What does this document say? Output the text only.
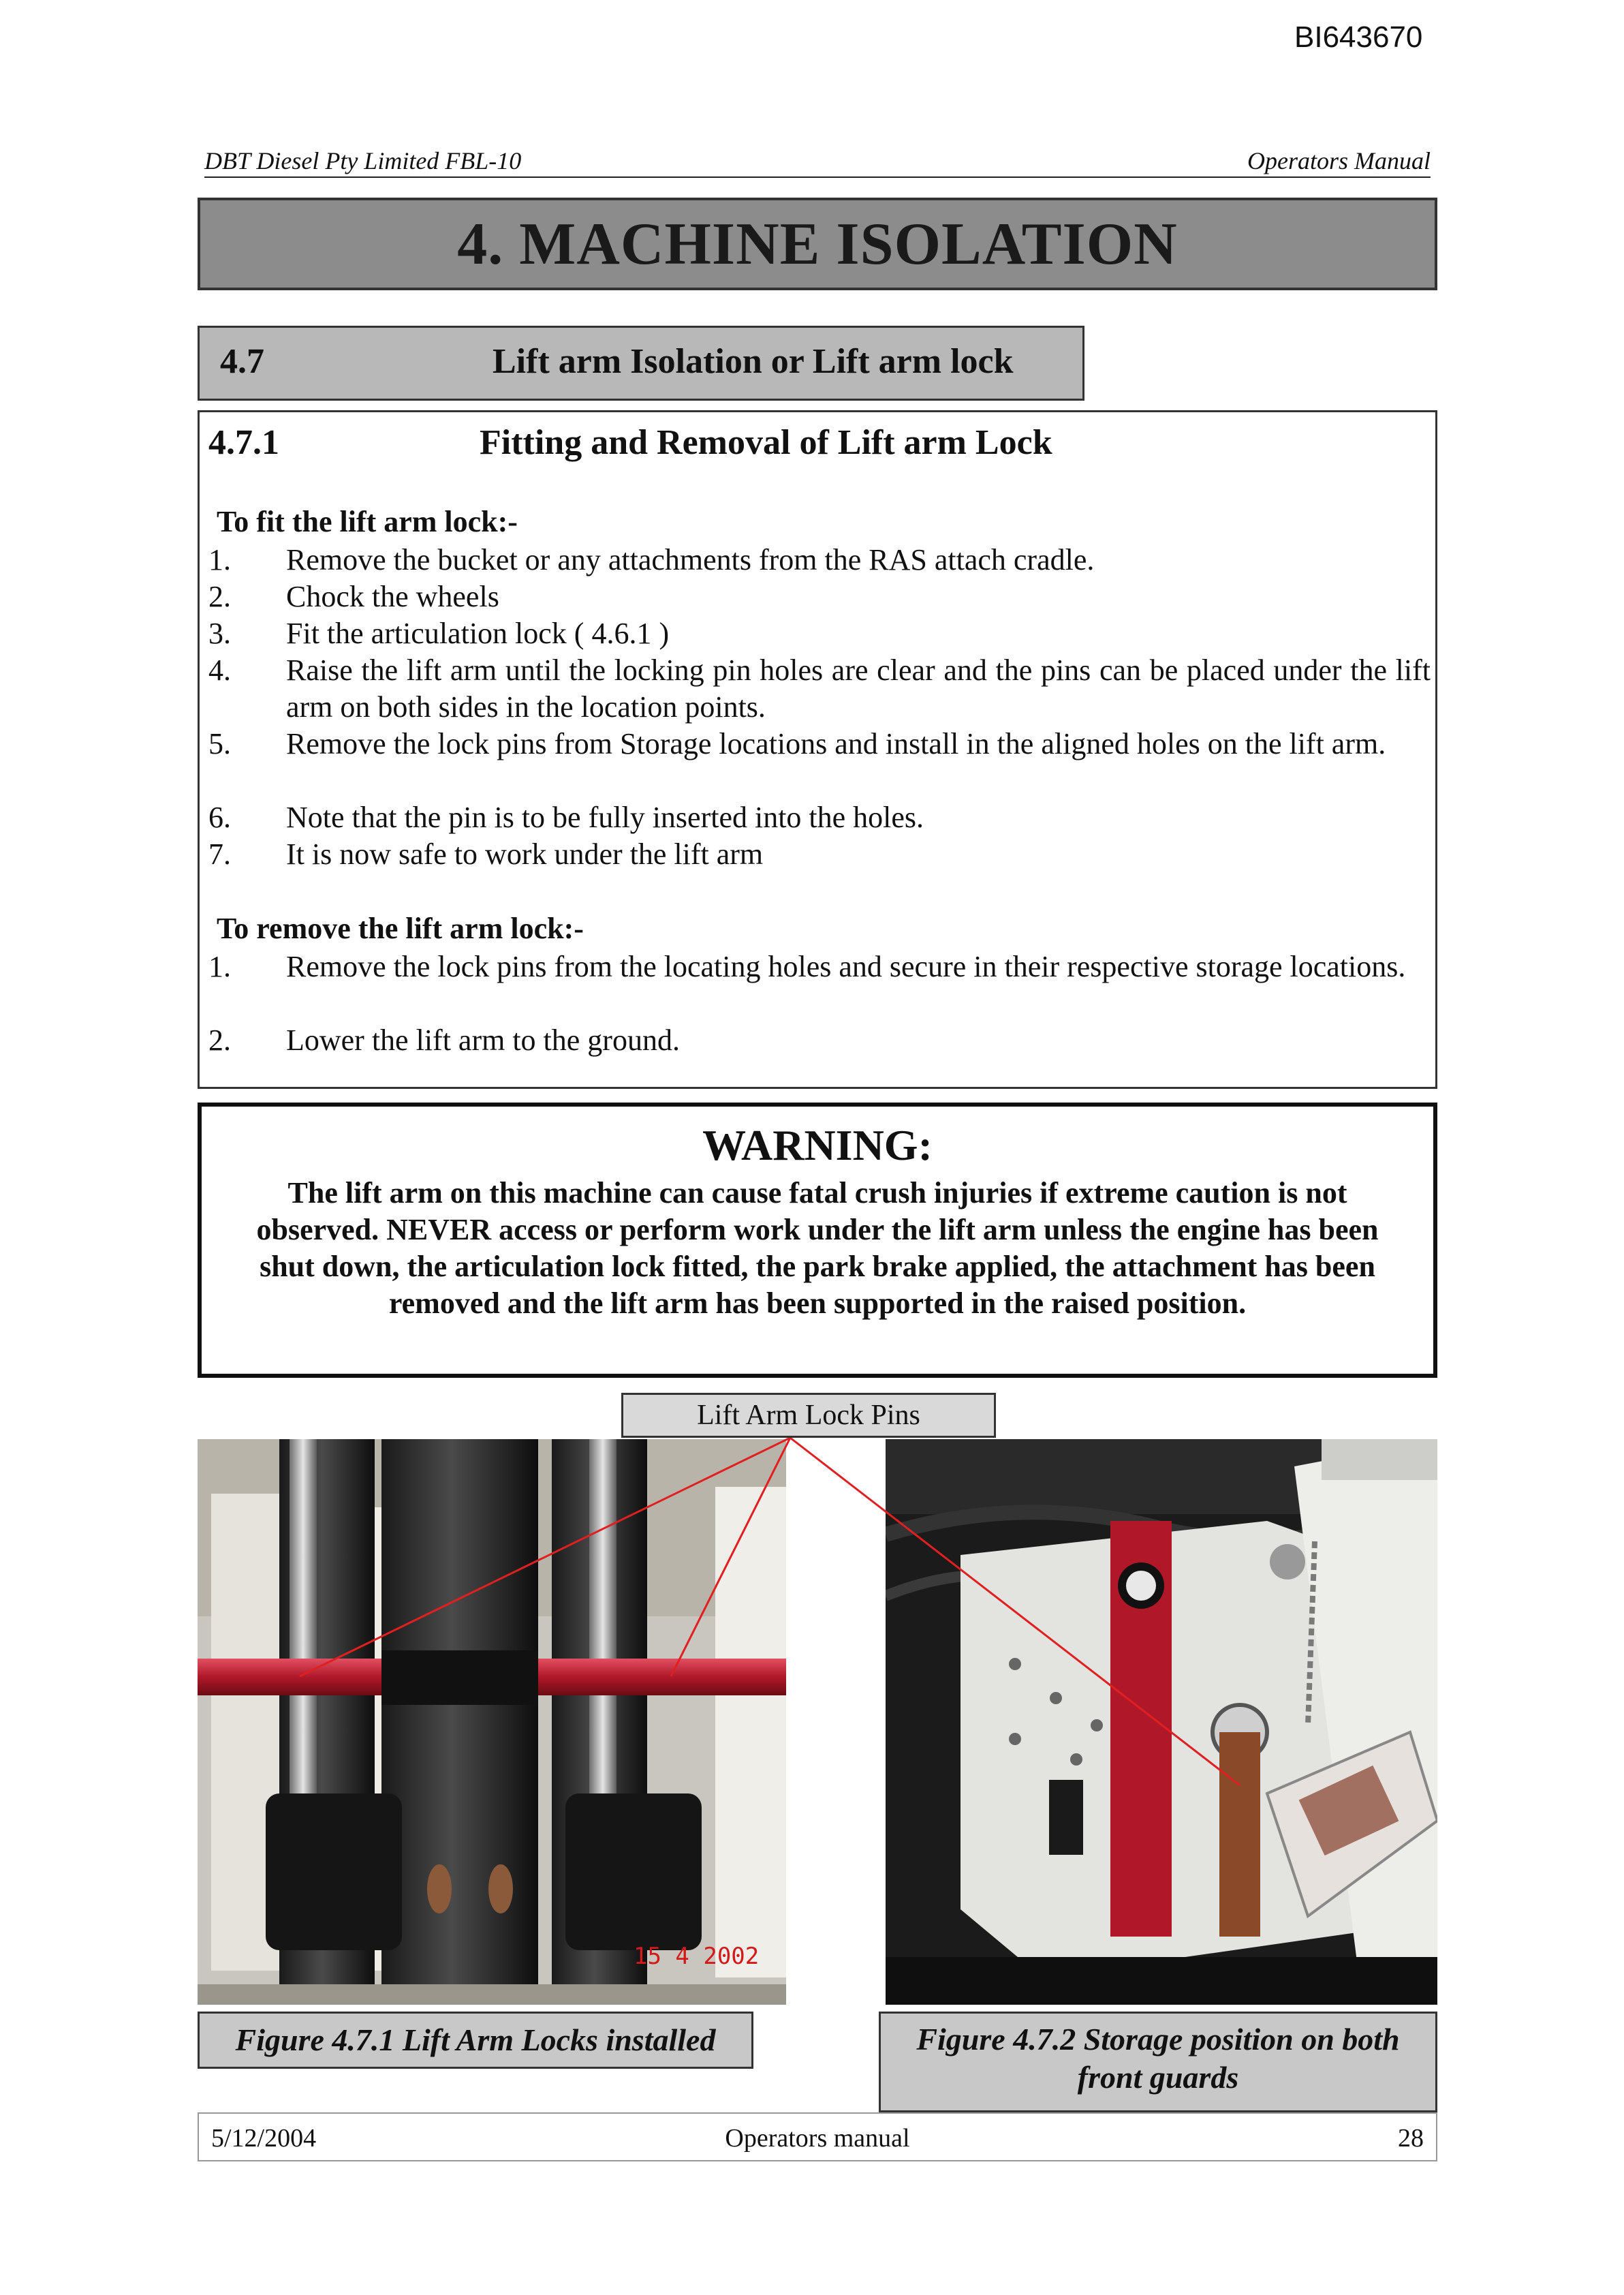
BI643670
DBT Diesel Pty Limited FBL-10	Operators Manual
4. MACHINE ISOLATION
4.7	Lift arm Isolation or Lift arm lock
4.7.1	Fitting and Removal of Lift arm Lock
To fit the lift arm lock:-
1. Remove the bucket or any attachments from the RAS attach cradle.
2. Chock the wheels
3. Fit the articulation lock ( 4.6.1 )
4. Raise the lift arm until the locking pin holes are clear and the pins can be placed under the lift arm on both sides in the location points.
5. Remove the lock pins from Storage locations and install in the aligned holes on the lift arm.
6. Note that the pin is to be fully inserted into the holes.
7. It is now safe to work under the lift arm
To remove the lift arm lock:-
1. Remove the lock pins from the locating holes and secure in their respective storage locations.
2. Lower the lift arm to the ground.
WARNING:
The lift arm on this machine can cause fatal crush injuries if extreme caution is not observed. NEVER access or perform work under the lift arm unless the engine has been shut down, the articulation lock fitted, the park brake applied, the attachment has been removed and the lift arm has been supported in the raised position.
15 4 2002
Lift Arm Lock Pins
Figure 4.7.1 Lift Arm Locks installed	Figure 4.7.2 Storage position on both front guards
5/12/2004	Operators manual	28
